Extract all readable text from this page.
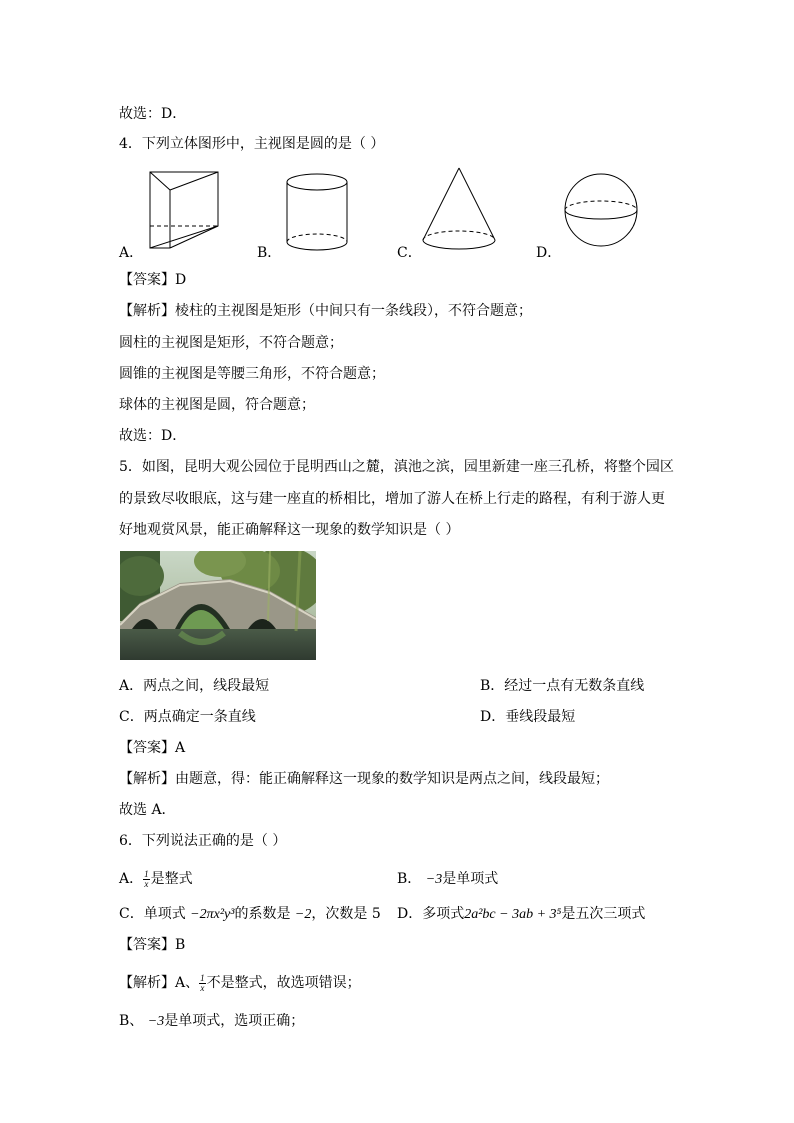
故选：D．
4．下列立体图形中，主视图是圆的是（ ）
A．	B．	C．	D．
【答案】D
【解析】棱柱的主视图是矩形（中间只有一条线段），不符合题意；
圆柱的主视图是矩形，不符合题意；
圆锥的主视图是等腰三角形，不符合题意；
球体的主视图是圆，符合题意；
故选：D．
5．如图，昆明大观公园位于昆明西山之麓，滇池之滨，园里新建一座三孔桥，将整个园区
的景致尽收眼底，这与建一座直的桥相比，增加了游人在桥上行走的路程，有利于游人更
好地观赏风景，能正确解释这一现象的数学知识是（ ）
A．两点之间，线段最短	B．经过一点有无数条直线
C．两点确定一条直线	D．垂线段最短
【答案】A
【解析】由题意，得：能正确解释这一现象的数学知识是两点之间，线段最短；
故选 A．
6．下列说法正确的是（ ）
A． $\frac{1}{x}$ 是整式	B． −3是单项式
C．单项式 −2πx²y³的系数是 −2，次数是 5 D．多项式2a²bc − 3ab + 3⁵是五次三项式
【答案】B
【解析】A、 $\frac{1}{x}$ 不是整式，故选项错误；
B、 −3是单项式，选项正确；
